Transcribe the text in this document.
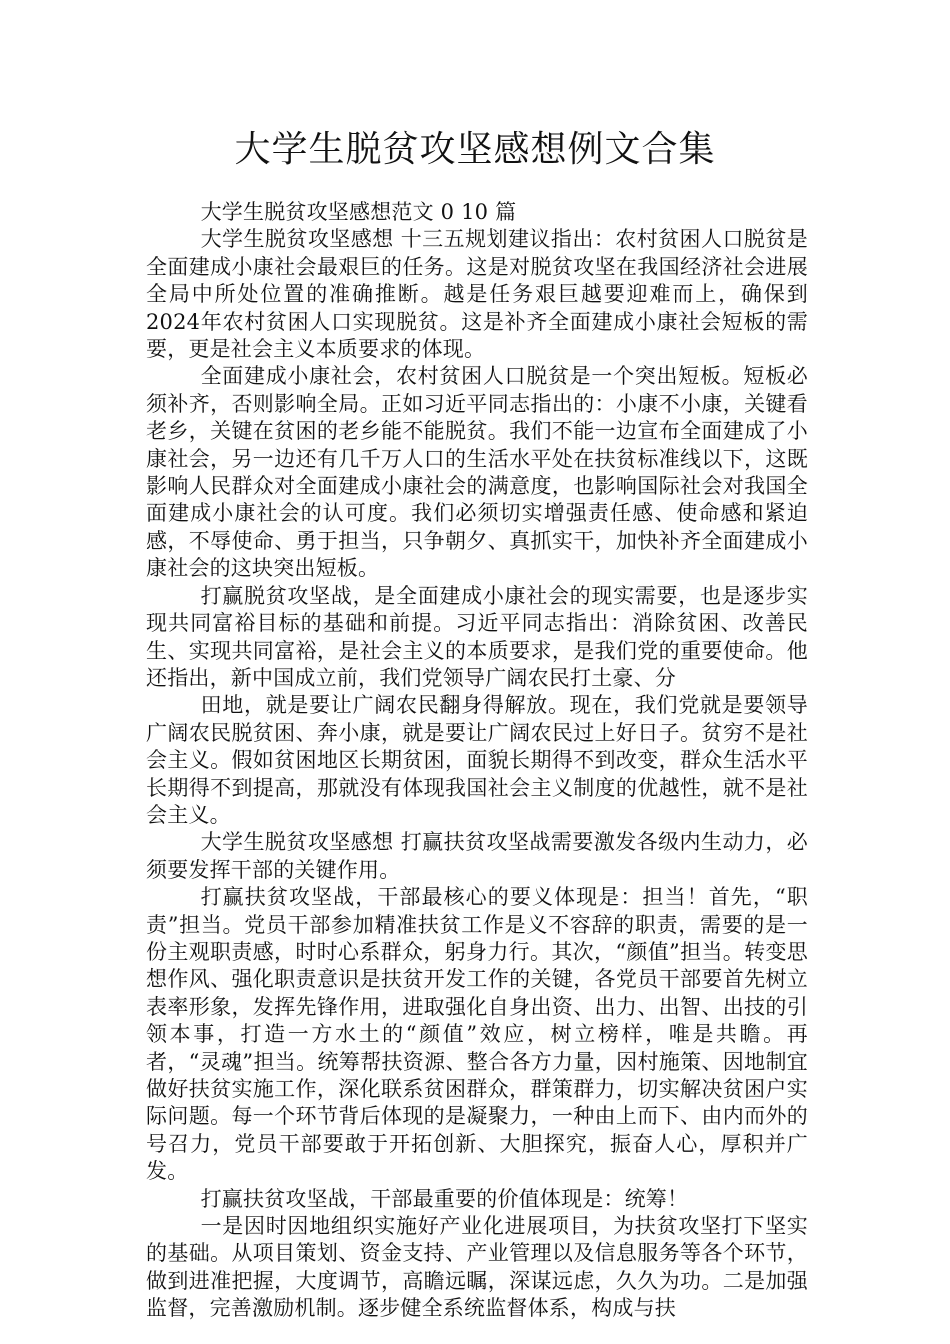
大学生脱贫攻坚感想例文合集

大学生脱贫攻坚感想范文 0 10 篇

大学生脱贫攻坚感想 十三五规划建议指出：农村贫困人口脱贫是全面建成小康社会最艰巨的任务。这是对脱贫攻坚在我国经济社会进展全局中所处位置的准确推断。越是任务艰巨越要迎难而上，确保到2024年农村贫困人口实现脱贫。这是补齐全面建成小康社会短板的需要，更是社会主义本质要求的体现。

全面建成小康社会，农村贫困人口脱贫是一个突出短板。短板必须补齐，否则影响全局。正如习近平同志指出的：小康不小康，关键看老乡，关键在贫困的老乡能不能脱贫。我们不能一边宣布全面建成了小康社会，另一边还有几千万人口的生活水平处在扶贫标准线以下，这既影响人民群众对全面建成小康社会的满意度，也影响国际社会对我国全面建成小康社会的认可度。我们必须切实增强责任感、使命感和紧迫感，不辱使命、勇于担当，只争朝夕、真抓实干，加快补齐全面建成小康社会的这块突出短板。

打赢脱贫攻坚战，是全面建成小康社会的现实需要，也是逐步实现共同富裕目标的基础和前提。习近平同志指出：消除贫困、改善民生、实现共同富裕，是社会主义的本质要求，是我们党的重要使命。他还指出，新中国成立前，我们党领导广阔农民打土豪、分

田地，就是要让广阔农民翻身得解放。现在，我们党就是要领导广阔农民脱贫困、奔小康，就是要让广阔农民过上好日子。贫穷不是社会主义。假如贫困地区长期贫困，面貌长期得不到改变，群众生活水平长期得不到提高，那就没有体现我国社会主义制度的优越性，就不是社会主义。

大学生脱贫攻坚感想 打赢扶贫攻坚战需要激发各级内生动力，必须要发挥干部的关键作用。

打赢扶贫攻坚战，干部最核心的要义体现是：担当！首先，“职责”担当。党员干部参加精准扶贫工作是义不容辞的职责，需要的是一份主观职责感，时时心系群众，躬身力行。其次，“颜值”担当。转变思想作风、强化职责意识是扶贫开发工作的关键，各党员干部要首先树立表率形象，发挥先锋作用，进取强化自身出资、出力、出智、出技的引领本事，打造一方水土的“颜值”效应，树立榜样，唯是共瞻。再者，“灵魂”担当。统筹帮扶资源、整合各方力量，因村施策、因地制宜做好扶贫实施工作，深化联系贫困群众，群策群力，切实解决贫困户实际问题。每一个环节背后体现的是凝聚力，一种由上而下、由内而外的号召力，党员干部要敢于开拓创新、大胆探究，振奋人心，厚积并广发。

打赢扶贫攻坚战，干部最重要的价值体现是：统筹！

一是因时因地组织实施好产业化进展项目，为扶贫攻坚打下坚实的基础。从项目策划、资金支持、产业管理以及信息服务等各个环节，做到进准把握，大度调节，高瞻远瞩，深谋远虑，久久为功。二是加强监督，完善激励机制。逐步健全系统监督体系，构成与扶
